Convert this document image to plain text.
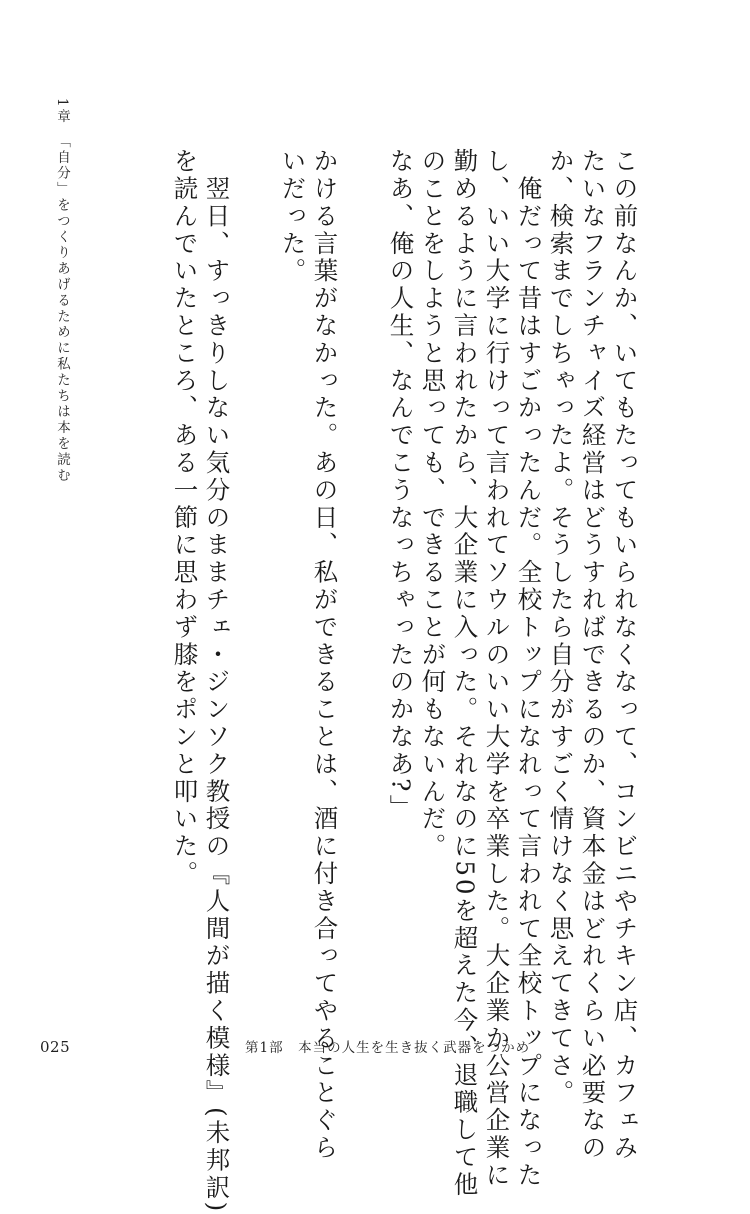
1章　「自分」をつくりあげるために私たちは本を読む	この前なんか、いてもたってもいられなくなって、コンビニやチキン店、カフェみ
たいなフランチャイズ経営はどうすればできるのか、資本金はどれくらい必要なの
か、検索までしちゃったよ。そうしたら自分がすごく情けなく思えてきてさ。
　俺だって昔はすごかったんだ。全校トップになれって言われて全校トップになった
し、いい大学に行けって言われてソウルのいい大学を卒業した。大企業か公営企業に
勤めるように言われたから、大企業に入った。それなのに50を超えた今、退職して他
のことをしようと思っても、できることが何もないんだ。
なあ、俺の人生、なんでこうなっちゃったのかなあ?」
かける言葉がなかった。あの日、私ができることは、酒に付き合ってやることぐら
いだった。
　翌日、すっきりしない気分のままチェ・ジンソク教授の『人間が描く模様』(未邦訳)
を読んでいたところ、ある一節に思わず膝をポンと叩いた。
025	第1部　本当の人生を生き抜く武器をつかめ
